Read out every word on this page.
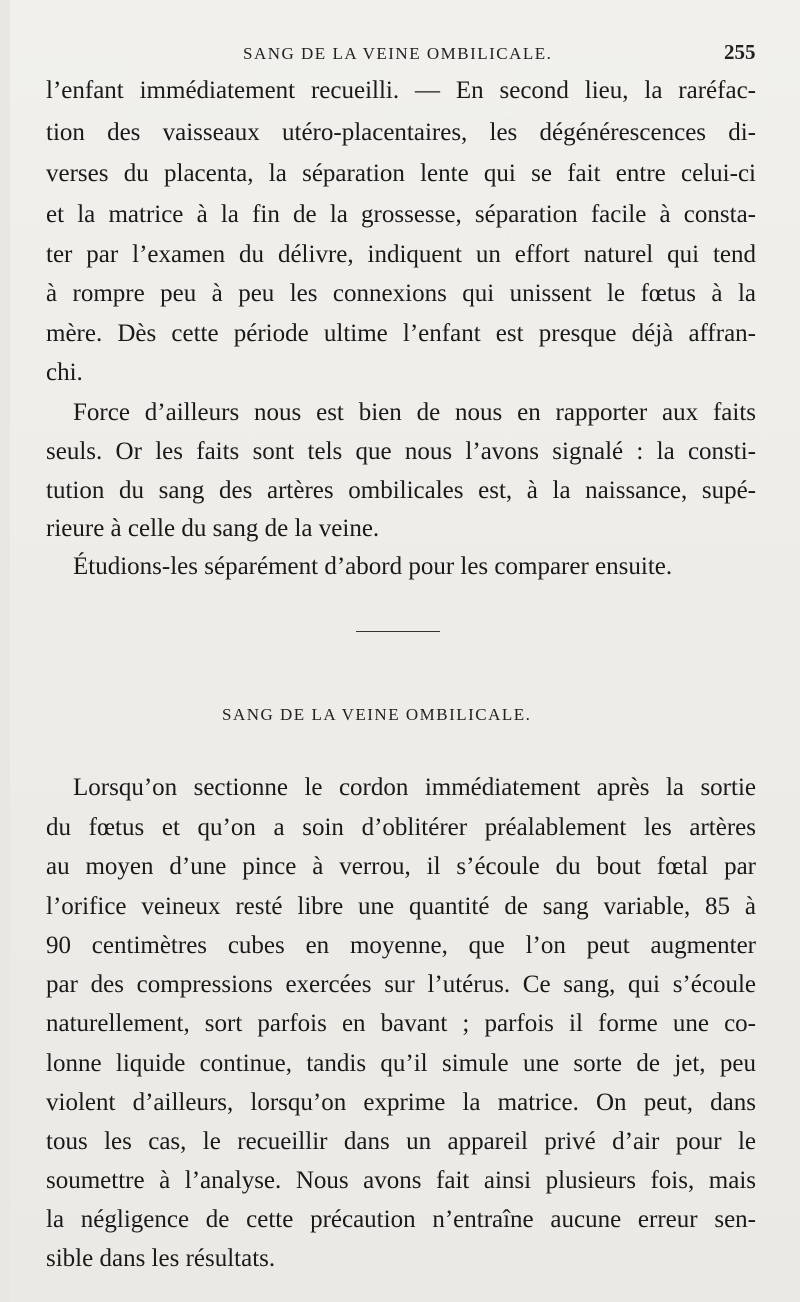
SANG DE LA VEINE OMBILICALE.	255
l’enfant immédiatement recueilli. — En second lieu, la raréfac-
tion des vaisseaux utéro-placentaires, les dégénérescences di-
verses du placenta, la séparation lente qui se fait entre celui-ci
et la matrice à la fin de la grossesse, séparation facile à consta-
ter par l’examen du délivre, indiquent un effort naturel qui tend
à rompre peu à peu les connexions qui unissent le fœtus à la
mère. Dès cette période ultime l’enfant est presque déjà affran-
chi.
Force d’ailleurs nous est bien de nous en rapporter aux faits
seuls. Or les faits sont tels que nous l’avons signalé : la consti-
tution du sang des artères ombilicales est, à la naissance, supé-
rieure à celle du sang de la veine.
Étudions-les séparément d’abord pour les comparer ensuite.
SANG DE LA VEINE OMBILICALE.
Lorsqu’on sectionne le cordon immédiatement après la sortie
du fœtus et qu’on a soin d’oblitérer préalablement les artères
au moyen d’une pince à verrou, il s’écoule du bout fœtal par
l’orifice veineux resté libre une quantité de sang variable, 85 à
90 centimètres cubes en moyenne, que l’on peut augmenter
par des compressions exercées sur l’utérus. Ce sang, qui s’écoule
naturellement, sort parfois en bavant ; parfois il forme une co-
lonne liquide continue, tandis qu’il simule une sorte de jet, peu
violent d’ailleurs, lorsqu’on exprime la matrice. On peut, dans
tous les cas, le recueillir dans un appareil privé d’air pour le
soumettre à l’analyse. Nous avons fait ainsi plusieurs fois, mais
la négligence de cette précaution n’entraîne aucune erreur sen-
sible dans les résultats.
